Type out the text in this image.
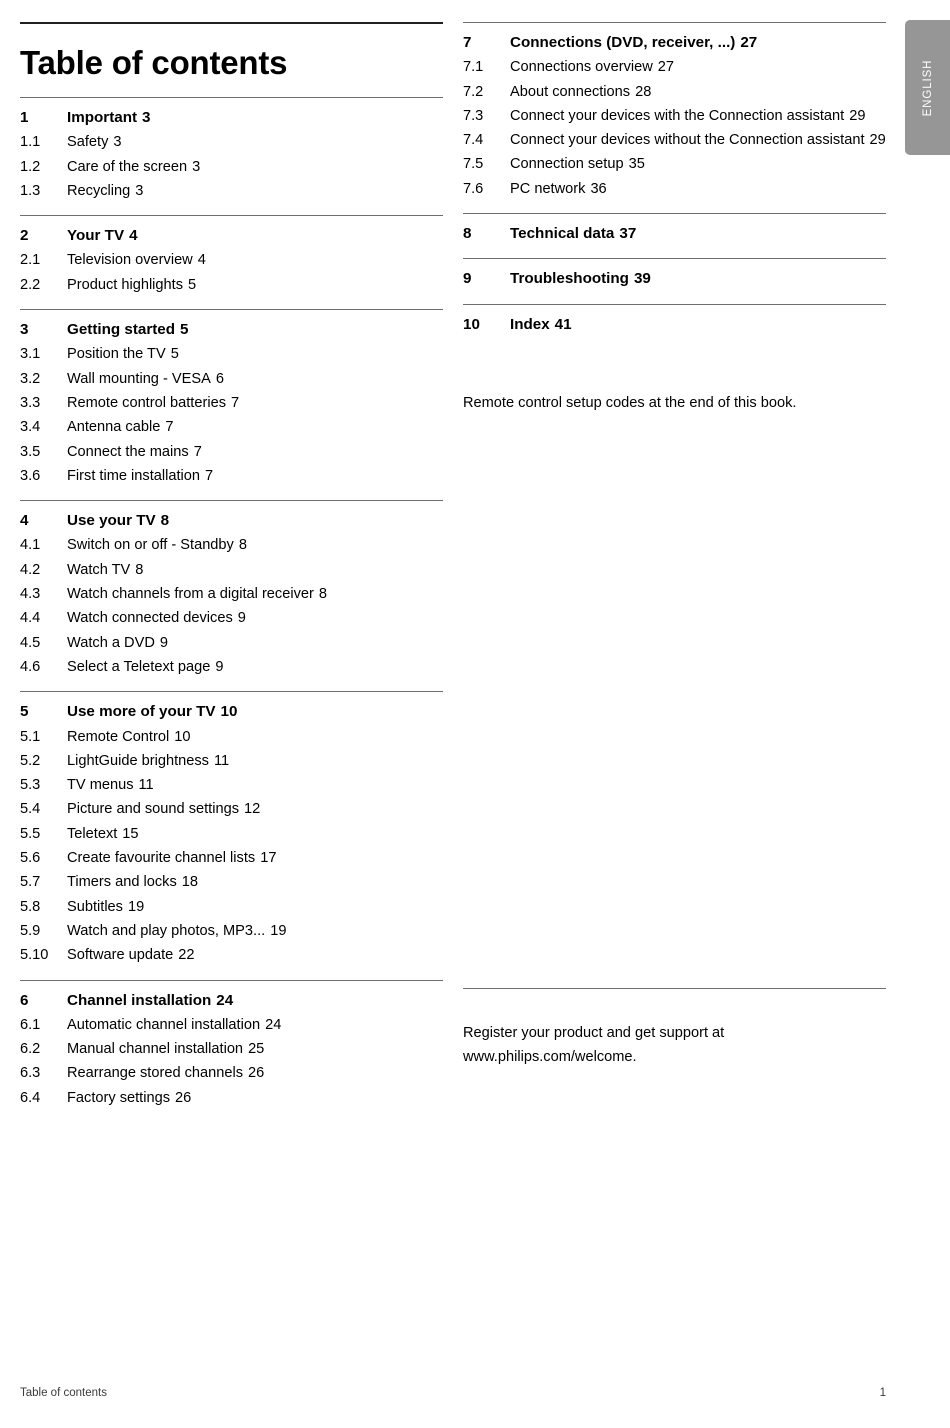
ENGLISH
Table of contents
1	Important 3
1.1	Safety 3
1.2	Care of the screen 3
1.3	Recycling 3
2	Your TV 4
2.1	Television overview 4
2.2	Product highlights 5
3	Getting started 5
3.1	Position the TV 5
3.2	Wall mounting - VESA 6
3.3	Remote control batteries 7
3.4	Antenna cable 7
3.5	Connect the mains 7
3.6	First time installation 7
4	Use your TV 8
4.1	Switch on or off - Standby 8
4.2	Watch TV 8
4.3	Watch channels from a digital receiver 8
4.4	Watch connected devices 9
4.5	Watch a DVD 9
4.6	Select a Teletext page 9
5	Use more of your TV 10
5.1	Remote Control 10
5.2	LightGuide brightness 11
5.3	TV menus 11
5.4	Picture and sound settings 12
5.5	Teletext 15
5.6	Create favourite channel lists 17
5.7	Timers and locks 18
5.8	Subtitles 19
5.9	Watch and play photos, MP3... 19
5.10	Software update 22
6	Channel installation 24
6.1	Automatic channel installation 24
6.2	Manual channel installation 25
6.3	Rearrange stored channels 26
6.4	Factory settings 26
7	Connections (DVD, receiver, ...) 27
7.1	Connections overview 27
7.2	About connections 28
7.3	Connect your devices with the Connection assistant 29
7.4	Connect your devices without the Connection assistant 29
7.5	Connection setup 35
7.6	PC network 36
8	Technical data 37
9	Troubleshooting 39
10	Index 41

Remote control setup codes at the end of this book.

Register your product and get support at www.philips.com/welcome.

Table of contents	1
